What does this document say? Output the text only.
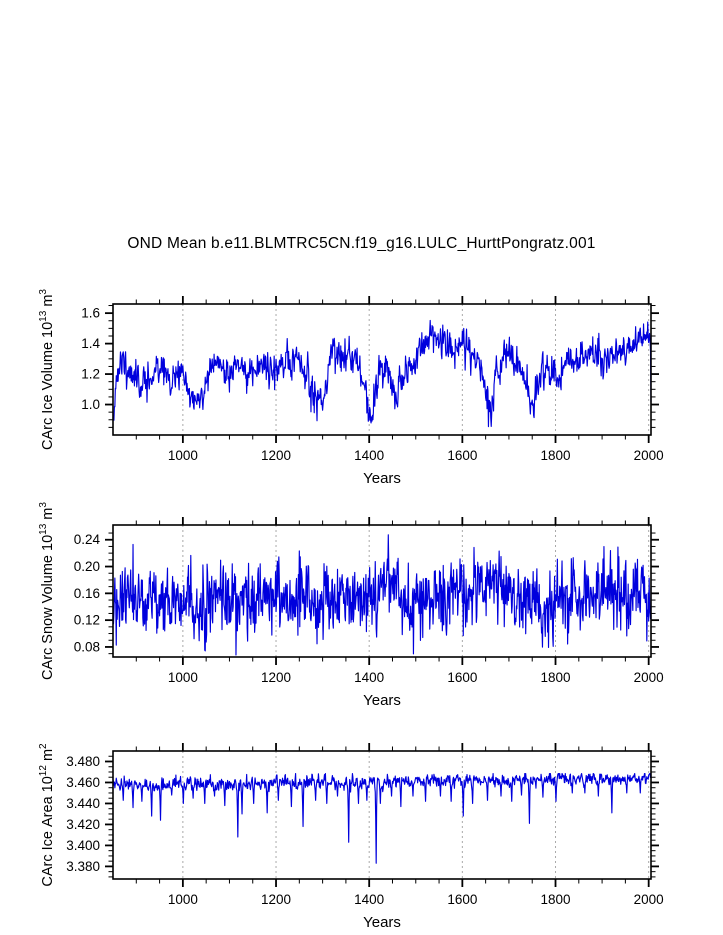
OND Mean b.e11.BLMTRC5CN.f19_g16.LULC_HurttPongratz.001
1000	1200	1400	1600	1800	2000
Years
1.0
1.2
1.4
1.6
CArc Ice Volume $10^{13}$ $m^3$
1000	1200	1400	1600	1800	2000
Years
0.08
0.12
0.16
0.20
0.24
CArc Snow Volume $10^{13}$ $m^3$
1000	1200	1400	1600	1800	2000
Years
3.380
3.400
3.420
3.440
3.460
3.480
CArc Ice Area $10^{12}$ $m^2$
